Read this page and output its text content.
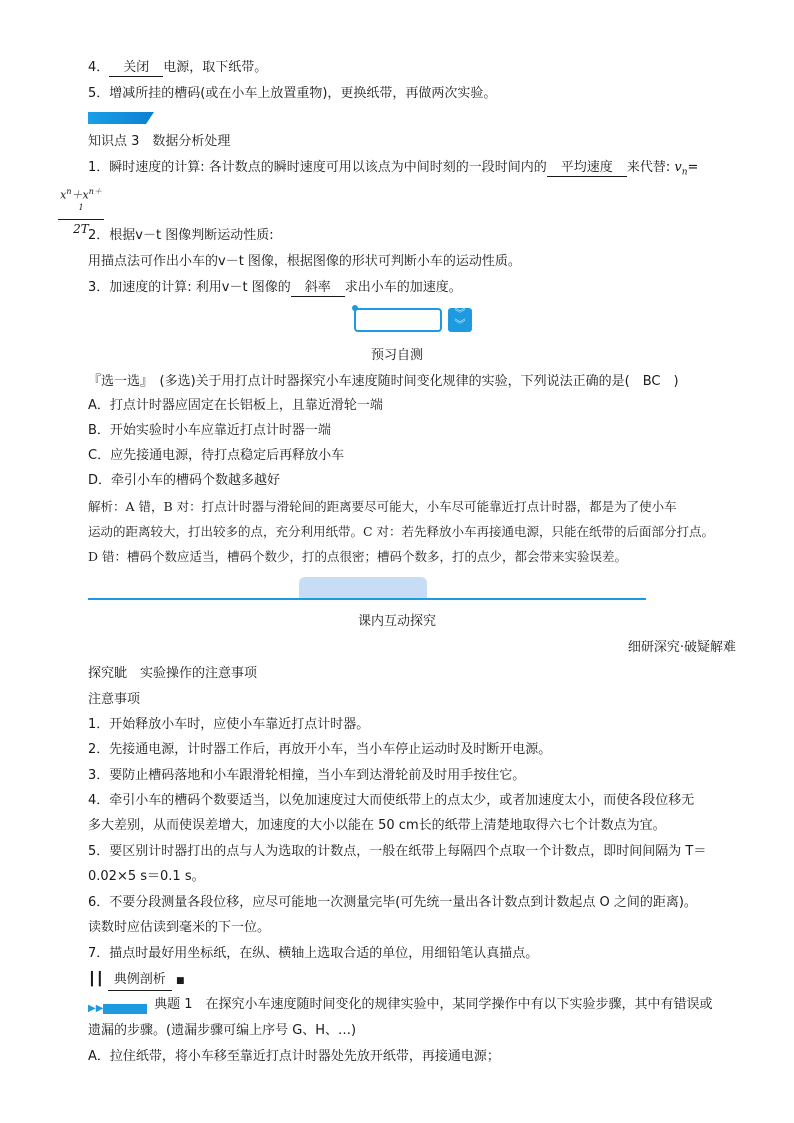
4． 关闭 电源，取下纸带。
5．增减所挂的槽码(或在小车上放置重物)，更换纸带，再做两次实验。
知识点 3　数据分析处理
1．瞬时速度的计算: 各计数点的瞬时速度可用以该点为中间时刻的一段时间内的 平均速度 来代替: $v_n=$
$x^n+x^{n+1}$
2T 2．根据v－t 图像判断运动性质:
用描点法可作出小车的v－t 图像，根据图像的形状可判断小车的运动性质。
3．加速度的计算: 利用v－t 图像的 斜率 求出小车的加速度。
︾
︾
预习自测
『选一选』　(多选)关于用打点计时器探究小车速度随时间变化规律的实验，下列说法正确的是(　BC　)
A．打点计时器应固定在长铝板上，且靠近滑轮一端
B．开始实验时小车应靠近打点计时器一端
C．应先接通电源，待打点稳定后再释放小车
D．牵引小车的槽码个数越多越好
解析：A 错，B 对：打点计时器与滑轮间的距离要尽可能大，小车尽可能靠近打点计时器，都是为了使小车
运动的距离较大，打出较多的点，充分利用纸带。C 对：若先释放小车再接通电源，只能在纸带的后面部分打点。
D 错：槽码个数应适当，槽码个数少，打的点很密；槽码个数多，打的点少，都会带来实验误差。
课内互动探究
细研深究·破疑解难
探究眦　实验操作的注意事项
注意事项
1．开始释放小车时，应使小车靠近打点计时器。
2．先接通电源，计时器工作后，再放开小车，当小车停止运动时及时断开电源。
3．要防止槽码落地和小车跟滑轮相撞，当小车到达滑轮前及时用手按住它。
4．牵引小车的槽码个数要适当，以免加速度过大而使纸带上的点太少，或者加速度太小，而使各段位移无
多大差别，从而使误差增大，加速度的大小以能在 50 cm长的纸带上清楚地取得六七个计数点为宜。
5．要区别计时器打出的点与人为选取的计数点，一般在纸带上每隔四个点取一个计数点，即时间间隔为 T＝
0.02×5 s＝0.1 s。
6．不要分段测量各段位移，应尽可能地一次测量完毕(可先统一量出各计数点到计数起点 O 之间的距离)。
读数时应估读到毫米的下一位。
7．描点时最好用坐标纸，在纵、横轴上选取合适的单位，用细铅笔认真描点。
┃┃ 典例剖析 ■
▶▶	典题 1　在探究小车速度随时间变化的规律实验中，某同学操作中有以下实验步骤，其中有错误或
遗漏的步骤。(遗漏步骤可编上序号 G、H、…)
A．拉住纸带，将小车移至靠近打点计时器处先放开纸带，再接通电源；
